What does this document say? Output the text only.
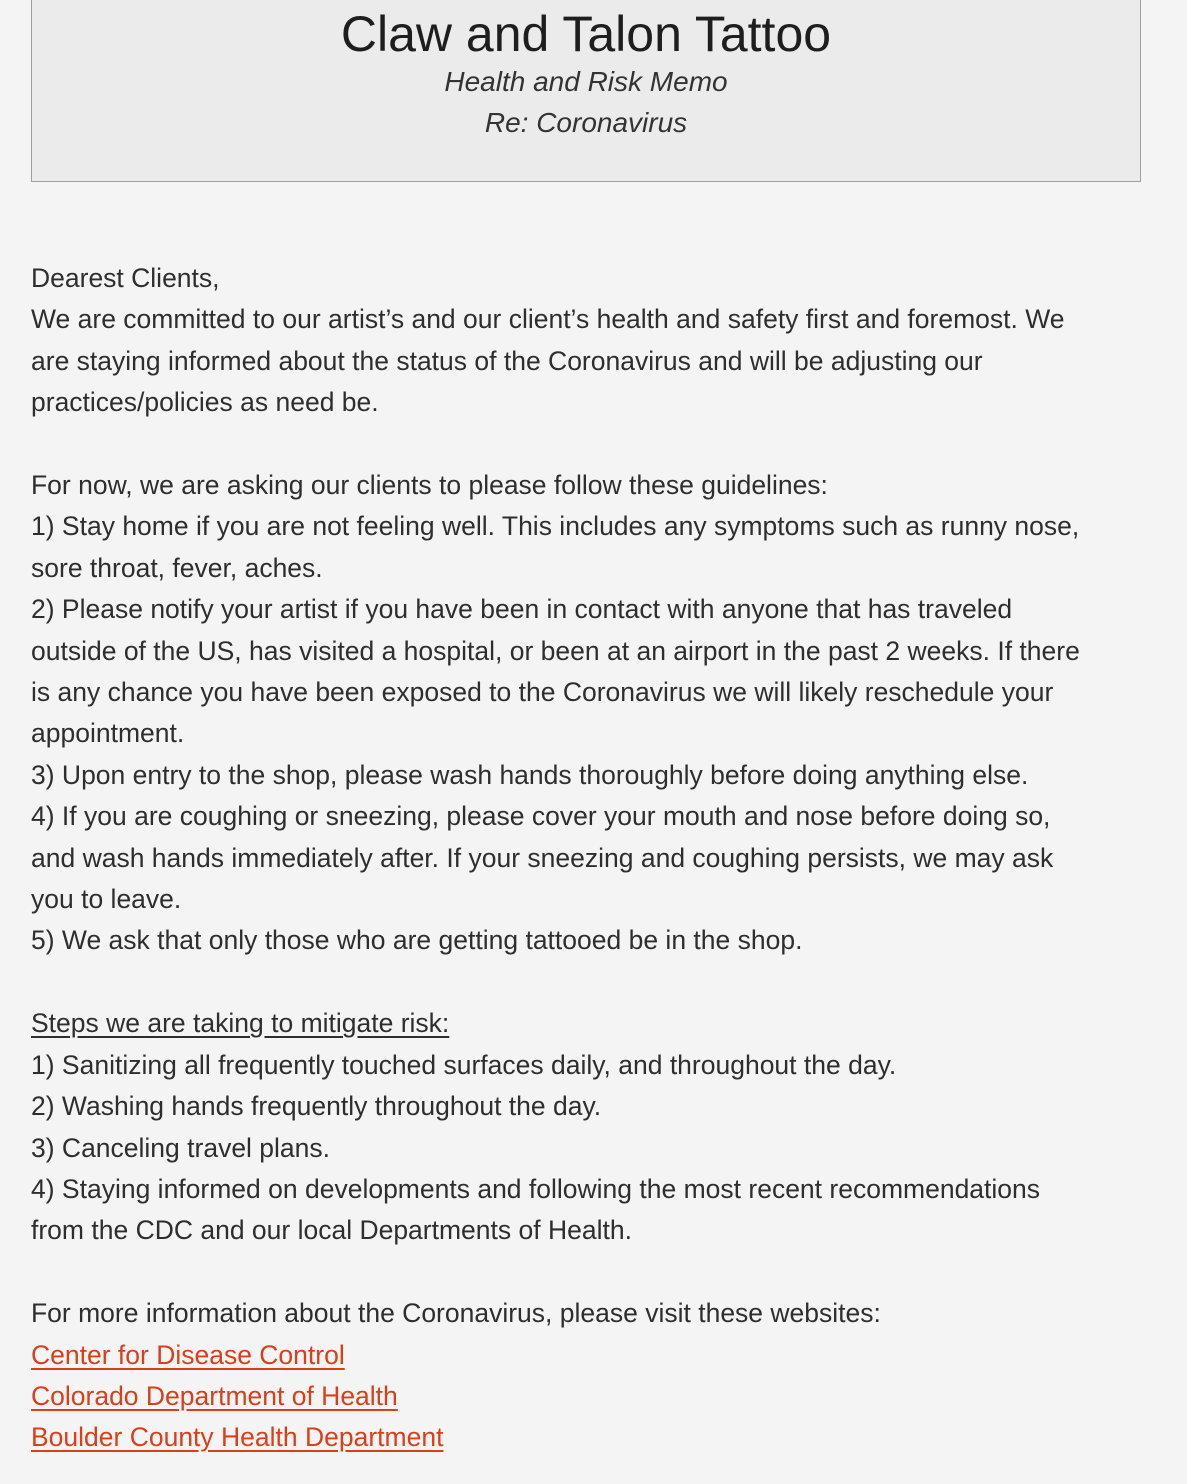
Claw and Talon Tattoo
Health and Risk Memo
Re: Coronavirus
Dearest Clients,
We are committed to our artist’s and our client’s health and safety first and foremost. We
are staying informed about the status of the Coronavirus and will be adjusting our
practices/policies as need be.
For now, we are asking our clients to please follow these guidelines:
1) Stay home if you are not feeling well. This includes any symptoms such as runny nose,
sore throat, fever, aches.
2) Please notify your artist if you have been in contact with anyone that has traveled
outside of the US, has visited a hospital, or been at an airport in the past 2 weeks. If there
is any chance you have been exposed to the Coronavirus we will likely reschedule your
appointment.
3) Upon entry to the shop, please wash hands thoroughly before doing anything else.
4) If you are coughing or sneezing, please cover your mouth and nose before doing so,
and wash hands immediately after. If your sneezing and coughing persists, we may ask
you to leave.
5) We ask that only those who are getting tattooed be in the shop.
Steps we are taking to mitigate risk:
1) Sanitizing all frequently touched surfaces daily, and throughout the day.
2) Washing hands frequently throughout the day.
3) Canceling travel plans.
4) Staying informed on developments and following the most recent recommendations
from the CDC and our local Departments of Health.
For more information about the Coronavirus, please visit these websites:
Center for Disease Control
Colorado Department of Health
Boulder County Health Department
